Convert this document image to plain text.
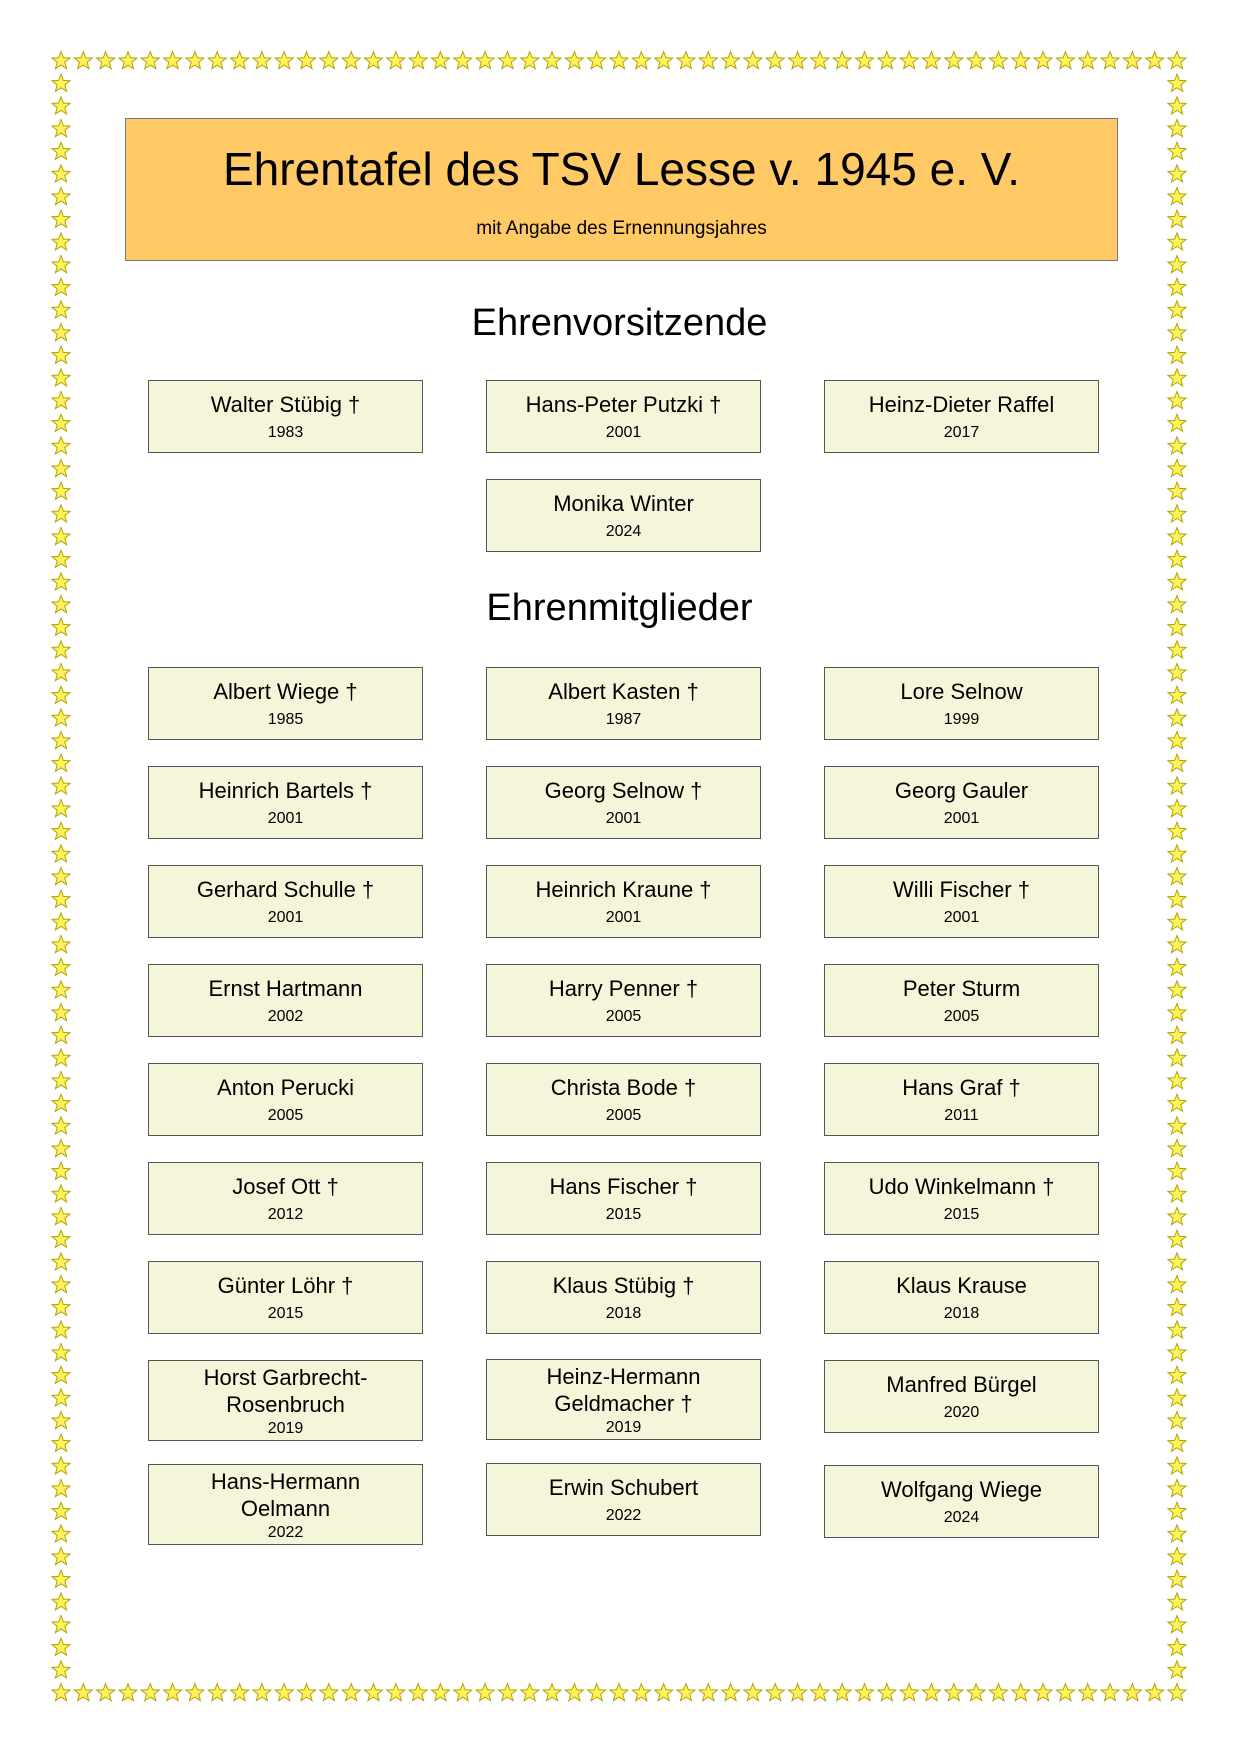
Ehrentafel des TSV Lesse v. 1945 e. V.
mit Angabe des Ernennungsjahres
Ehrenvorsitzende
Walter Stübig †
1983
Hans-Peter Putzki †
2001
Heinz-Dieter Raffel
2017
Monika Winter
2024
Ehrenmitglieder
Albert Wiege †
1985
Albert Kasten †
1987
Lore Selnow
1999
Heinrich Bartels †
2001
Georg Selnow †
2001
Georg Gauler
2001
Gerhard Schulle †
2001
Heinrich Kraune †
2001
Willi Fischer †
2001
Ernst Hartmann
2002
Harry Penner †
2005
Peter Sturm
2005
Anton Perucki
2005
Christa Bode †
2005
Hans Graf †
2011
Josef Ott †
2012
Hans Fischer †
2015
Udo Winkelmann †
2015
Günter Löhr †
2015
Klaus Stübig †
2018
Klaus Krause
2018
Horst Garbrecht-Rosenbruch
2019
Heinz-Hermann Geldmacher †
2019
Manfred Bürgel
2020
Hans-Hermann Oelmann
2022
Erwin Schubert
2022
Wolfgang Wiege
2024
